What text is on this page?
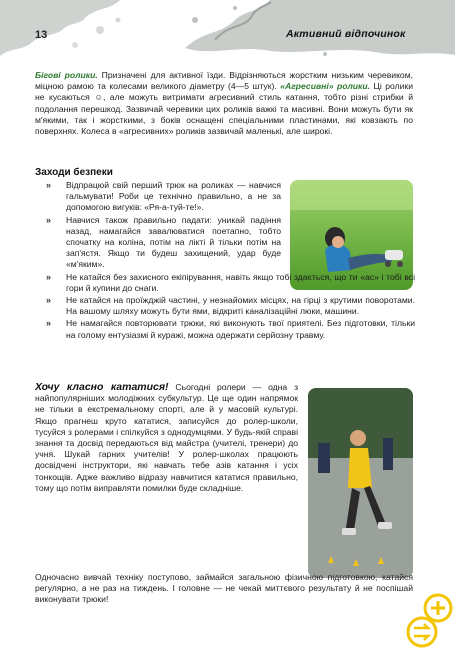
13	Активний відпочинок
Бігові ролики. Призначені для активної їзди. Відрізняються жорстким низьким черевиком, міцною рамою та колесами великого діаметру (4—5 штук). «Агресивні» ролики. Ці ролики не кусаються ☺, але можуть витримати агресивний стиль катання, тобто різні стрибки й подолання перешкод. Зазвичай черевики цих роликів важкі та масивні. Вони можуть бути як м'якими, так і жорсткими, з боків оснащені спеціальними пластинами, які ковзають по поверхнях. Колеса в «агресивних» роликів зазвичай маленькі, але широкі.
Заходи безпеки
» Відпрацюй свій перший трюк на роликах — навчися гальмувати! Роби це технічно правильно, а не за допомогою вигуків: «Ря-а-туй-те!».
» Навчися також правильно падати: уникай падіння назад, намагайся завалюватися поетапно, тобто спочатку на коліна, потім на лікті й тільки потім на зап'ястя. Якщо ти будеш захищений, удар буде «м'яким».
» Не катайся без захисного екіпірування, навіть якщо тобі здається, що ти «ас» і тобі всі гори й купини до снаги.
» Не катайся на проїжджій частині, у незнайомих місцях, на гірці з крутими поворотами. На вашому шляху можуть бути ями, відкриті каналізаційні люки, машини.
» Не намагайся повторювати трюки, які виконують твої приятелі. Без підготовки, тільки на голому ентузіазмі й куражі, можна одержати серйозну травму.
Хочу класно кататися! Сьогодні ролери — одна з найпопулярніших молодіжних субкультур. Це ще один напрямок не тільки в екстремальному спорті, але й у масовій культурі. Якщо прагнеш круто кататися, записуйся до ролер-школи, тусуйся з ролерами і спілкуйся з однодумцями. У будь-якій справі знання та досвід передаються від майстра (учителі, тренери) до учня. Шукай гарних учителів! У ролер-школах працюють досвідчені інструктори, які навчать тебе азів катання і усіх тонкощів. Адже важливо відразу навчитися кататися правильно, тому що потім виправляти помилки буде складніше.
Одночасно вивчай техніку поступово, займайся загальною фізичною підготовкою, катайся регулярно, а не раз на тиждень. І головне — не чекай миттєвого результату й не поспішай виконувати трюки!
